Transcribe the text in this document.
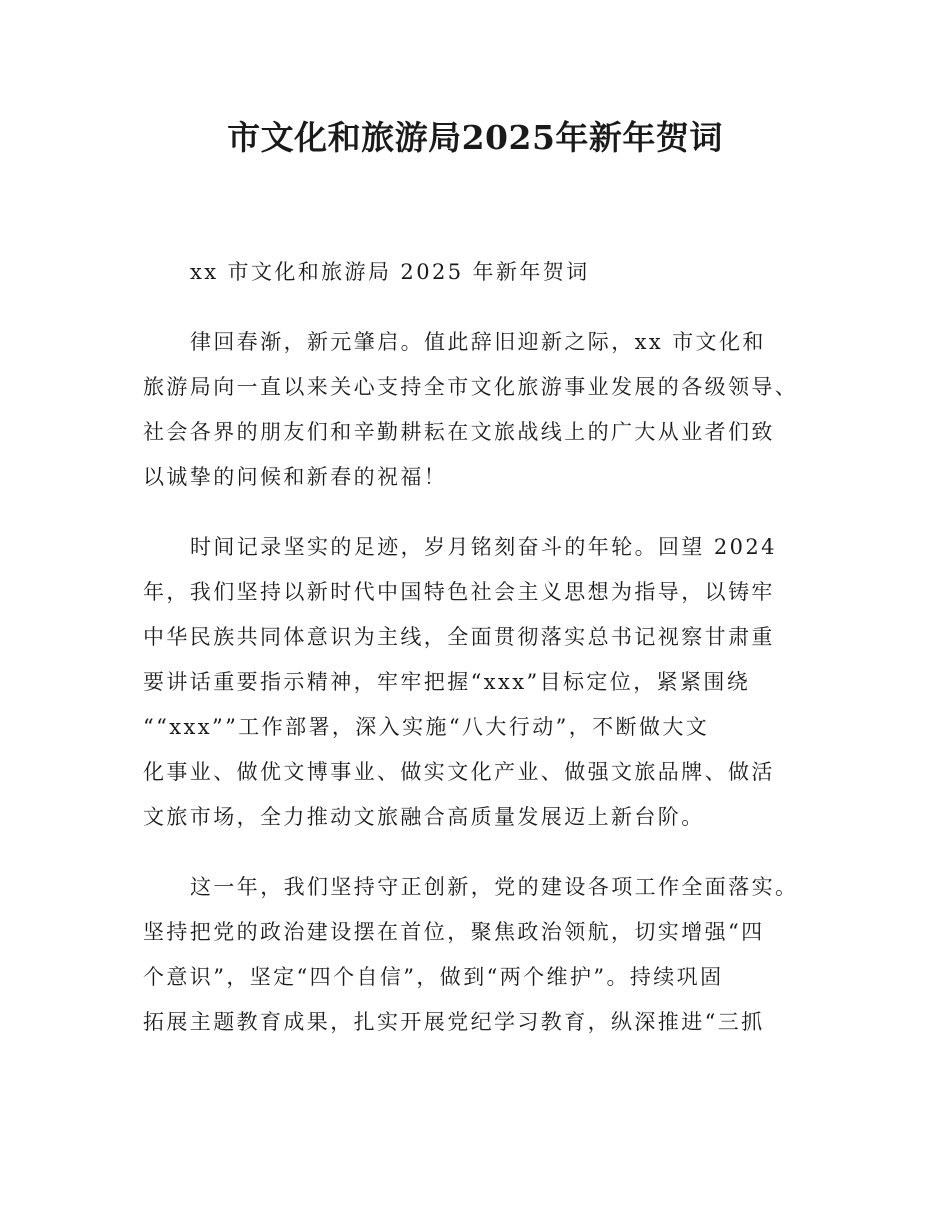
市文化和旅游局2025年新年贺词

xx 市文化和旅游局 2025 年新年贺词

律回春渐，新元肇启。值此辞旧迎新之际，xx 市文化和
旅游局向一直以来关心支持全市文化旅游事业发展的各级领导、
社会各界的朋友们和辛勤耕耘在文旅战线上的广大从业者们致
以诚挚的问候和新春的祝福！

时间记录坚实的足迹，岁月铭刻奋斗的年轮。回望 2024
年，我们坚持以新时代中国特色社会主义思想为指导，以铸牢
中华民族共同体意识为主线，全面贯彻落实总书记视察甘肃重
要讲话重要指示精神，牢牢把握“xxx”目标定位，紧紧围绕
““xxx””工作部署，深入实施“八大行动”，不断做大文
化事业、做优文博事业、做实文化产业、做强文旅品牌、做活
文旅市场，全力推动文旅融合高质量发展迈上新台阶。

这一年，我们坚持守正创新，党的建设各项工作全面落实。
坚持把党的政治建设摆在首位，聚焦政治领航，切实增强“四
个意识”，坚定“四个自信”，做到“两个维护”。持续巩固
拓展主题教育成果，扎实开展党纪学习教育，纵深推进“三抓
